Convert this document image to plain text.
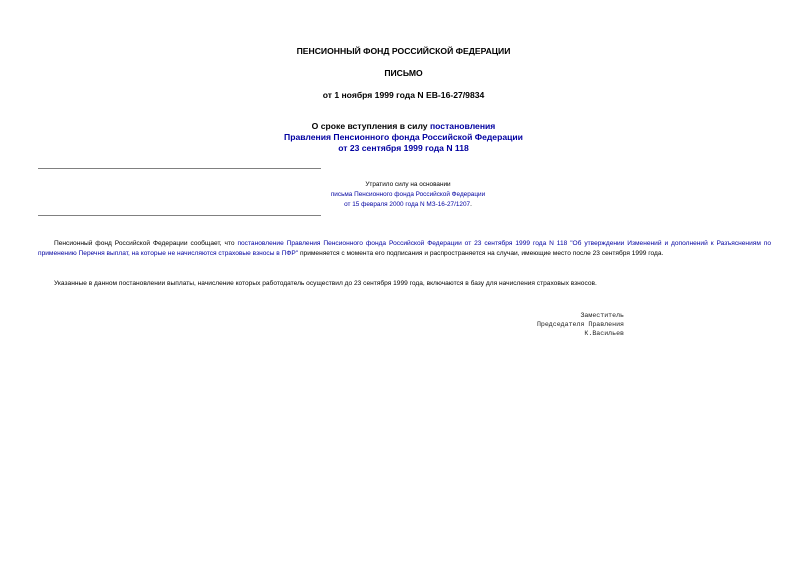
ПЕНСИОННЫЙ ФОНД РОССИЙСКОЙ ФЕДЕРАЦИИ
ПИСЬМО
от 1 ноября 1999 года N ЕВ-16-27/9834
О сроке вступления в силу постановления
Правления Пенсионного фонда Российской Федерации
от 23 сентября 1999 года N 118
Утратило силу на основании
письма Пенсионного фонда Российской Федерации
от 15 февраля 2000 года N МЗ-16-27/1207.
Пенсионный фонд Российской Федерации сообщает, что постановление Правления Пенсионного фонда Российской Федерации от 23 сентября 1999 года N 118 "Об утверждении Изменений и дополнений к Разъяснениям по применению Перечня выплат, на которые не начисляются страховые взносы в ПФР" применяется с момента его подписания и распространяется на случаи, имеющие место после 23 сентября 1999 года.
Указанные в данном постановлении выплаты, начисление которых работодатель осуществил до 23 сентября 1999 года, включаются в базу для начисления страховых взносов.
Заместитель
Председателя Правления
К.Васильев
